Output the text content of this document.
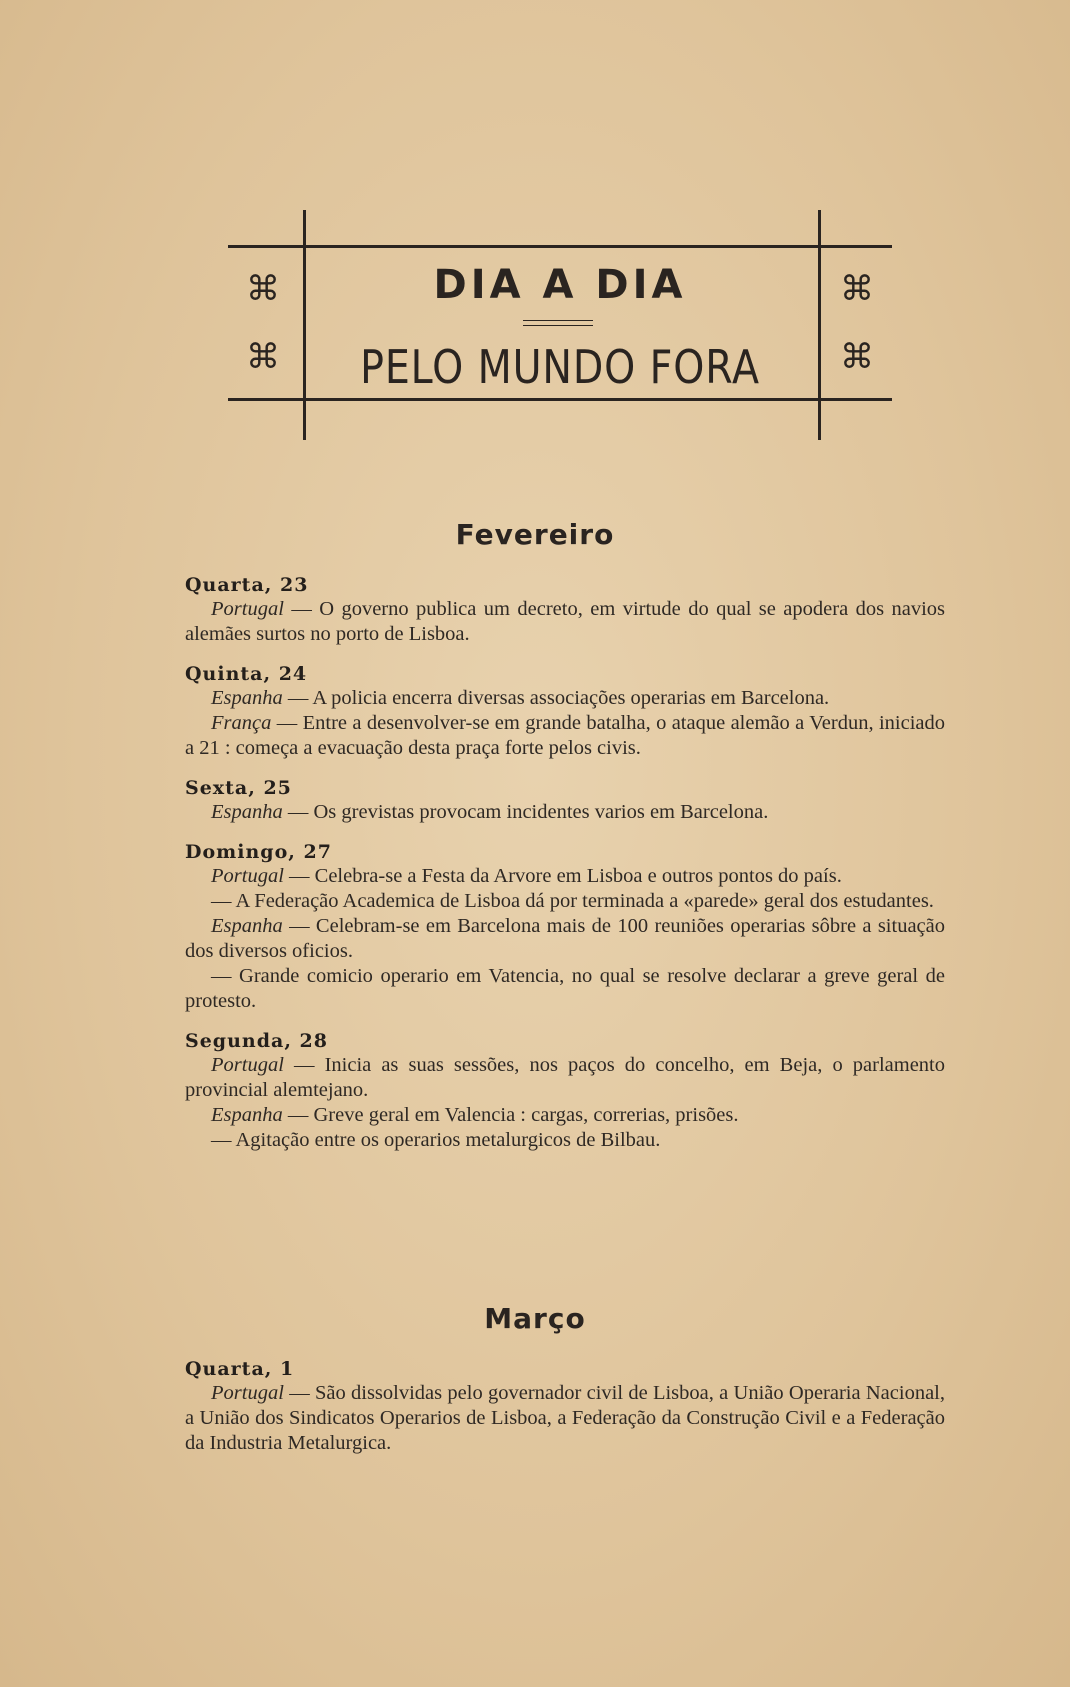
⌘
⌘
⌘
⌘
DIA A DIA
PELO MUNDO FORA
Fevereiro

Quarta, 23

Portugal — O governo publica um decreto, em virtude do qual se apodera dos navios alemães surtos no porto de Lisboa.

Quinta, 24

Espanha — A policia encerra diversas associações operarias em Barcelona.

França — Entre a desenvolver-se em grande batalha, o ataque alemão a Verdun, iniciado a 21 : começa a evacuação desta praça forte pelos civis.

Sexta, 25

Espanha — Os grevistas provocam incidentes varios em Barcelona.

Domingo, 27

Portugal — Celebra-se a Festa da Arvore em Lisboa e outros pontos do país.

— A Federação Academica de Lisboa dá por terminada a «parede» geral dos estudantes.

Espanha — Celebram-se em Barcelona mais de 100 reuniões operarias sôbre a situação dos diversos oficios.

— Grande comicio operario em Vatencia, no qual se resolve declarar a greve geral de protesto.

Segunda, 28

Portugal — Inicia as suas sessões, nos paços do concelho, em Beja, o parlamento provincial alemtejano.

Espanha — Greve geral em Valencia : cargas, correrias, prisões.

— Agitação entre os operarios metalurgicos de Bilbau.

Março

Quarta, 1

Portugal — São dissolvidas pelo governador civil de Lisboa, a União Operaria Nacional, a União dos Sindicatos Operarios de Lisboa, a Federação da Construção Civil e a Federação da Industria Metalurgica.
